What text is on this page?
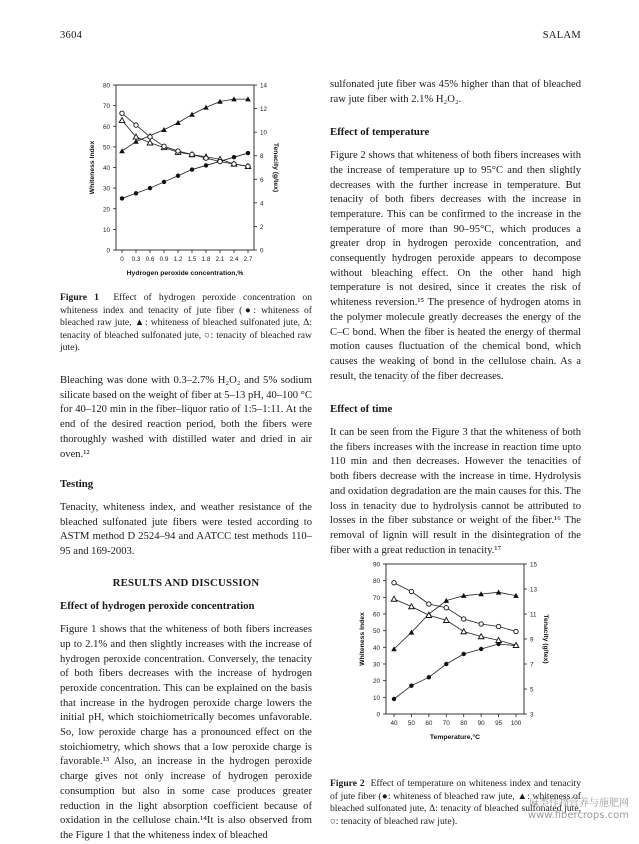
3604	SALAM
0
10
20
30
40
50
60
70
80
0
2
4
6
8
10
12
14
0 0.3 0.6 0.9 1.2 1.5 1.8 2.1 2.4 2.7
Hydrogen peroxide concentration,%
Whiteness Index	Tenacity (g/tex)
Figure 1 Effect of hydrogen peroxide concentration on whiteness index and tenacity of jute fiber (●: whiteness of bleached raw jute, ▲: whiteness of bleached sulfonated jute, Δ: tenacity of bleached sulfonated jute, ○: tenacity of bleached raw jute).

Bleaching was done with 0.3–2.7% H₂O₂ and 5% sodium silicate based on the weight of fiber at 5–13 pH, 40–100 °C for 40–120 min in the fiber–liquor ratio of 1:5–1:11. At the end of the desired reaction period, both the fibers were thoroughly washed with distilled water and dried in air oven.¹²

Testing

Tenacity, whiteness index, and weather resistance of the bleached sulfonated jute fibers were tested according to ASTM method D 2524–94 and AATCC test methods 110–95 and 169-2003.

RESULTS AND DISCUSSION
Effect of hydrogen peroxide concentration

Figure 1 shows that the whiteness of both fibers increases up to 2.1% and then slightly increases with the increase of hydrogen peroxide concentration. Conversely, the tenacity of both fibers decreases with the increase of hydrogen peroxide concentration. This can be explained on the basis that increase in the hydrogen peroxide charge lowers the initial pH, which stoichiometrically becomes unfavorable. So, low peroxide charge has a pronounced effect on the stoichiometry, which shows that a low peroxide charge is favorable.¹³ Also, an increase in the hydrogen peroxide charge gives not only increase of hydrogen peroxide consumption but also in some case produces greater reduction in the light absorption coefficient because of oxidation in the cellulose chain.¹⁴It is also observed from the Figure 1 that the whiteness index of bleached

sulfonated jute fiber was 45% higher than that of bleached raw jute fiber with 2.1% H₂O₂.

Effect of temperature

Figure 2 shows that whiteness of both fibers increases with the increase of temperature up to 95°C and then slightly decreases with the further increase in temperature. But tenacity of both fibers decreases with the increase in temperature. This can be confirmed to the increase in the temperature of more than 90–95°C, which produces a greater drop in hydrogen peroxide concentration, and consequently hydrogen peroxide appears to decompose without bleaching effect. On the other hand high temperature is not desired, since it creates the risk of whiteness reversion.¹⁵ The presence of hydrogen atoms in the polymer molecule greatly decreases the energy of the C–C bond. When the fiber is heated the energy of thermal motion causes fluctuation of the chemical bond, which causes the weaking of bond in the cellulose chain. As a result, the tenacity of the fiber decreases.

Effect of time

It can be seen from the Figure 3 that the whiteness of both the fibers increases with the increase in reaction time upto 110 min and then decreases. However the tenacities of both fibers decrease with the increase in time. Hydrolysis and oxidation degradation are the main causes for this. The loss in tenacity due to hydrolysis cannot be attributed to losses in the fiber substance or weight of the fiber.¹⁶ The removal of lignin will result in the disintegration of the fiber with a great reduction in tenacity.¹⁷

0
10
20
30
40
50
60
70
80
90
3
5
7
9
11
13
15
40 50 60 70 80 90 95 100
Temperature,°C
Whiteness Index	Tenacity (g/tex)
Figure 2 Effect of temperature on whiteness index and tenacity of jute fiber (●: whiteness of bleached raw jute, ▲: whiteness of bleached sulfonated jute, Δ: tenacity of bleached sulfonated jute, ○: tenacity of bleached raw jute).
麻类作物营养与施肥网
www.fibercrops.com
